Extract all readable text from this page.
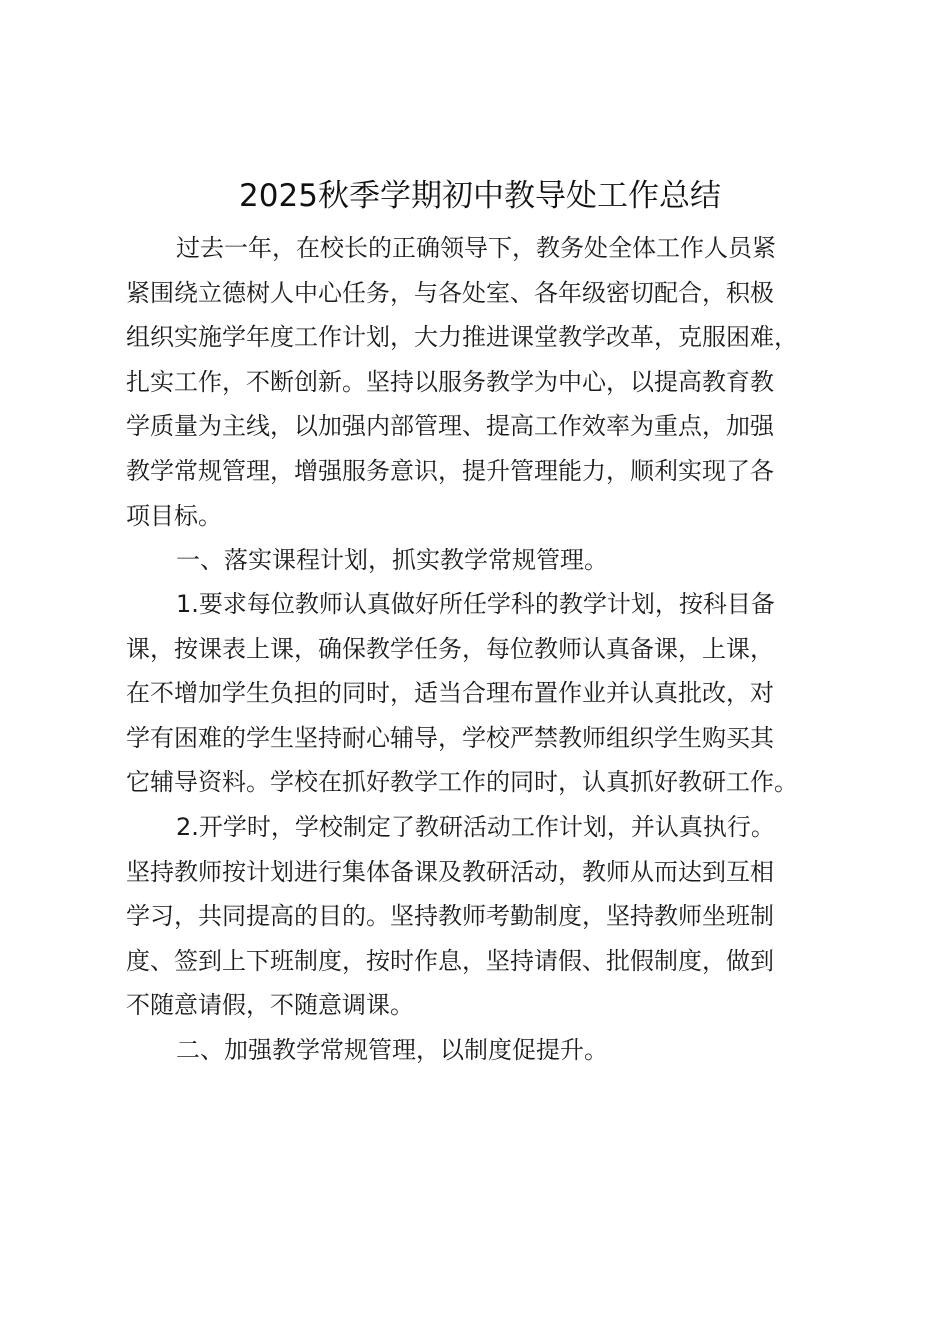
2025秋季学期初中教导处工作总结
过去一年，在校长的正确领导下，教务处全体工作人员紧
紧围绕立德树人中心任务，与各处室、各年级密切配合，积极
组织实施学年度工作计划，大力推进课堂教学改革，克服困难，
扎实工作，不断创新。坚持以服务教学为中心，以提高教育教
学质量为主线，以加强内部管理、提高工作效率为重点，加强
教学常规管理，增强服务意识，提升管理能力，顺利实现了各
项目标。
一、落实课程计划，抓实教学常规管理。
1.要求每位教师认真做好所任学科的教学计划，按科目备
课，按课表上课，确保教学任务，每位教师认真备课，上课，
在不增加学生负担的同时，适当合理布置作业并认真批改，对
学有困难的学生坚持耐心辅导，学校严禁教师组织学生购买其
它辅导资料。学校在抓好教学工作的同时，认真抓好教研工作。
2.开学时，学校制定了教研活动工作计划，并认真执行。
坚持教师按计划进行集体备课及教研活动，教师从而达到互相
学习，共同提高的目的。坚持教师考勤制度，坚持教师坐班制
度、签到上下班制度，按时作息，坚持请假、批假制度，做到
不随意请假，不随意调课。
二、加强教学常规管理，以制度促提升。
